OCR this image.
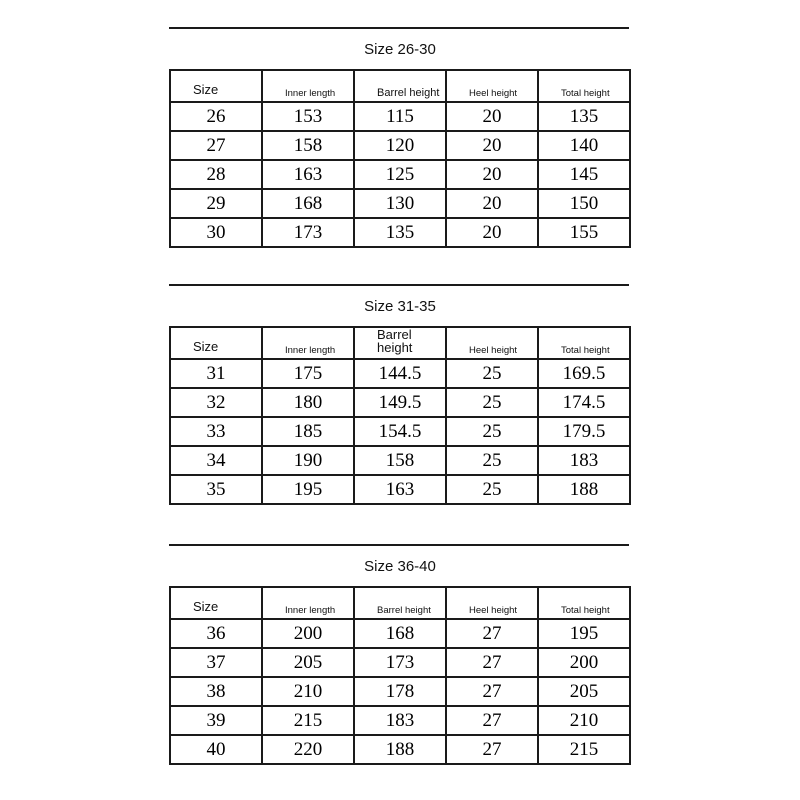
Size 26-30				
Size	Inner length	Barrel height	Heel height	Total height
26	153	115	20	135
27	158	120	20	140
28	163	125	20	145
29	168	130	20	150
30	173	135	20	155
Size 31-35				
Size	Inner length	Barrel height	Heel height	Total height
31	175	144.5	25	169.5
32	180	149.5	25	174.5
33	185	154.5	25	179.5
34	190	158	25	183
35	195	163	25	188
Size 36-40				
Size	Inner length	Barrel height	Heel height	Total height
36	200	168	27	195
37	205	173	27	200
38	210	178	27	205
39	215	183	27	210
40	220	188	27	215
